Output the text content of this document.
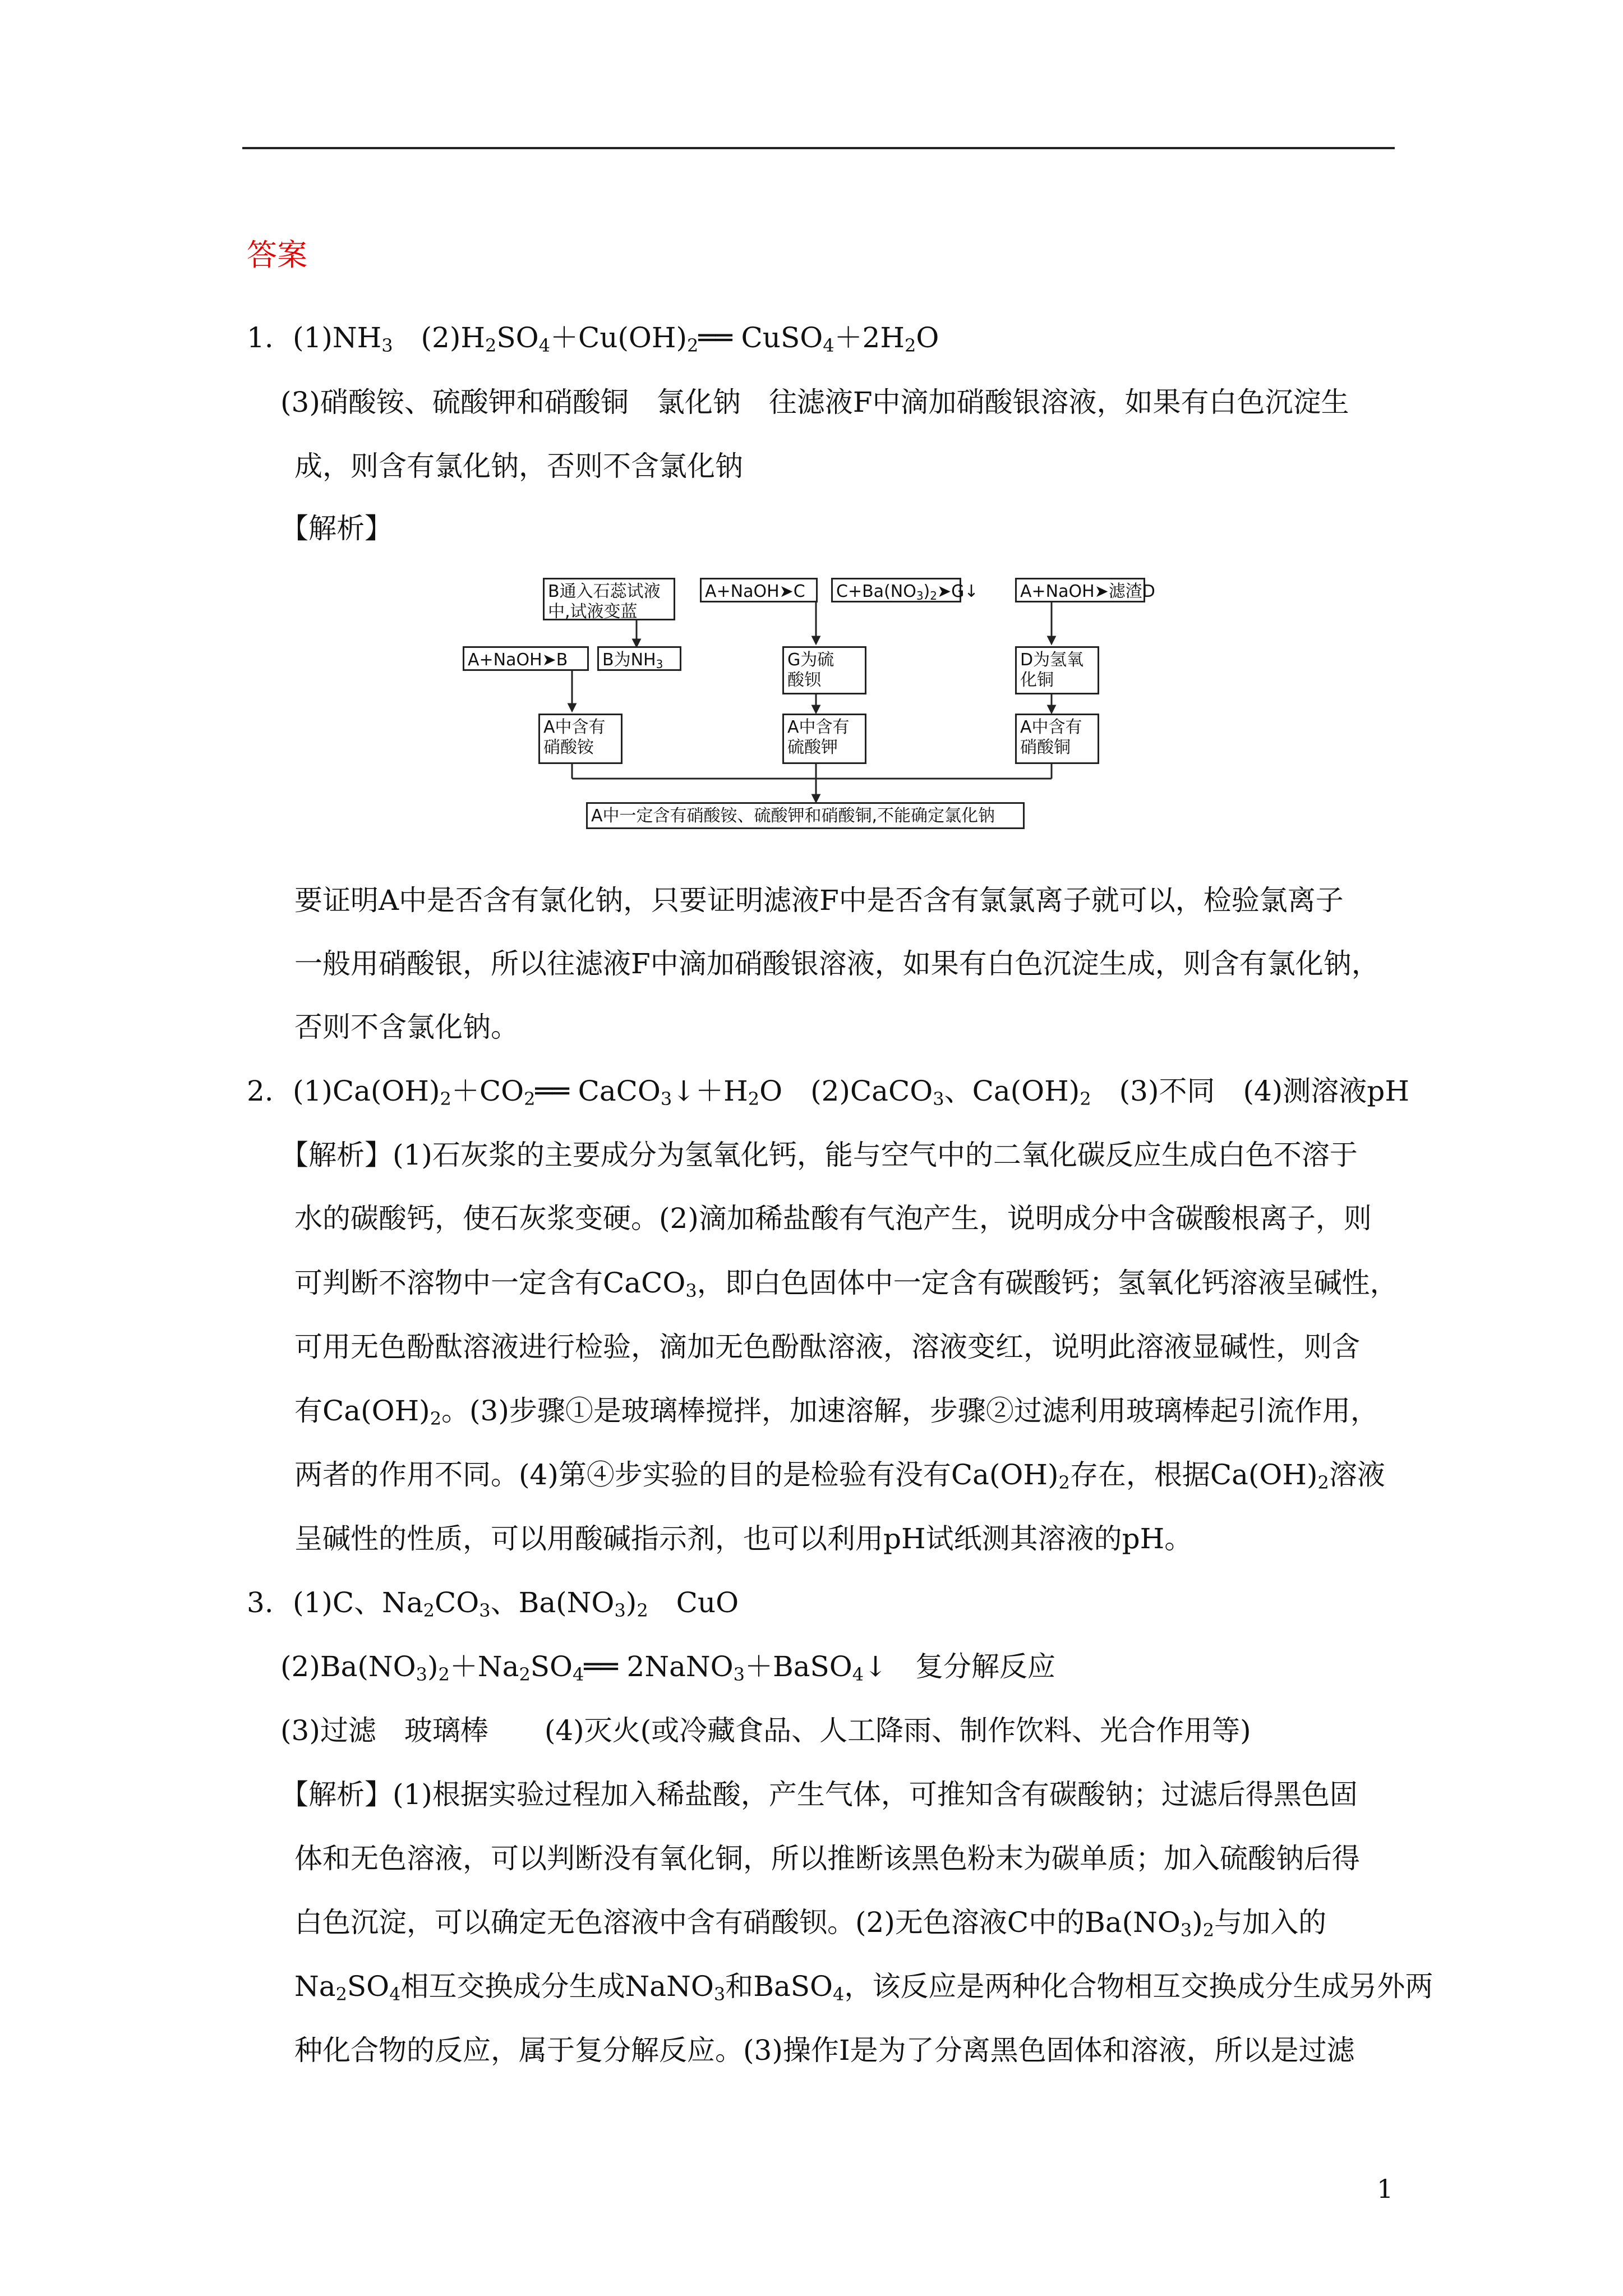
答案
1. $(1)NH_3$　 $(2)H_2SO_4+Cu(OH)_2══$ $CuSO_4+2H_2O$
(3)硝酸铵、硫酸钾和硝酸铜　氯化钠　往滤液F中滴加硝酸银溶液，如果有白色沉淀生
成，则含有氯化钠，否则不含氯化钠
【解析】
B通入石蕊试液
中,试液变蓝
A+NaOH➤B	B为$NH_3$
A中含有
硝酸铵
A+NaOH➤C	$C+Ba(NO_3)_2➤G↓$
G为硫
酸钡
A中含有
硫酸钾
A+NaOH➤滤渣D
D为氢氧
化铜
A中含有
硝酸铜
A中一定含有硝酸铵、硫酸钾和硝酸铜,不能确定氯化钠
要证明A中是否含有氯化钠，只要证明滤液F中是否含有氯氯离子就可以，检验氯离子
一般用硝酸银，所以往滤液F中滴加硝酸银溶液，如果有白色沉淀生成，则含有氯化钠，
否则不含氯化钠。
2. $(1)Ca(OH)_2+CO_2══$ $CaCO_3↓+H_2O$　(2)CaCO$_3$、$Ca(OH)_2$　(3)不同　(4)测溶液pH
【解析】(1)石灰浆的主要成分为氢氧化钙，能与空气中的二氧化碳反应生成白色不溶于
水的碳酸钙，使石灰浆变硬。(2)滴加稀盐酸有气泡产生，说明成分中含碳酸根离子，则
可判断不溶物中一定含有CaCO$_3$，即白色固体中一定含有碳酸钙；氢氧化钙溶液呈碱性，
可用无色酚酞溶液进行检验，滴加无色酚酞溶液，溶液变红，说明此溶液显碱性，则含
有$Ca(OH)_2$。(3)步骤①是玻璃棒搅拌，加速溶解，步骤②过滤利用玻璃棒起引流作用，
两者的作用不同。(4)第④步实验的目的是检验有没有$Ca(OH)_2$存在，根据$Ca(OH)_2$溶液
呈碱性的性质，可以用酸碱指示剂，也可以利用pH试纸测其溶液的pH。
3. (1)C、$Na_2CO_3$、$Ba(NO_3)_2$　CuO
$(2)Ba(NO_3)_2+Na_2SO_4══$ 2NaNO$_3$＋BaSO$_4$↓　复分解反应
(3)过滤　玻璃棒　　(4)灭火(或冷藏食品、人工降雨、制作饮料、光合作用等)
【解析】(1)根据实验过程加入稀盐酸，产生气体，可推知含有碳酸钠；过滤后得黑色固
体和无色溶液，可以判断没有氧化铜，所以推断该黑色粉末为碳单质；加入硫酸钠后得
白色沉淀，可以确定无色溶液中含有硝酸钡。(2)无色溶液C中的$Ba(NO_3)_2$与加入的
$Na_2SO_4$相互交换成分生成NaNO$_3$和BaSO$_4$，该反应是两种化合物相互交换成分生成另外两
种化合物的反应，属于复分解反应。(3)操作Ⅰ是为了分离黑色固体和溶液，所以是过滤
1
